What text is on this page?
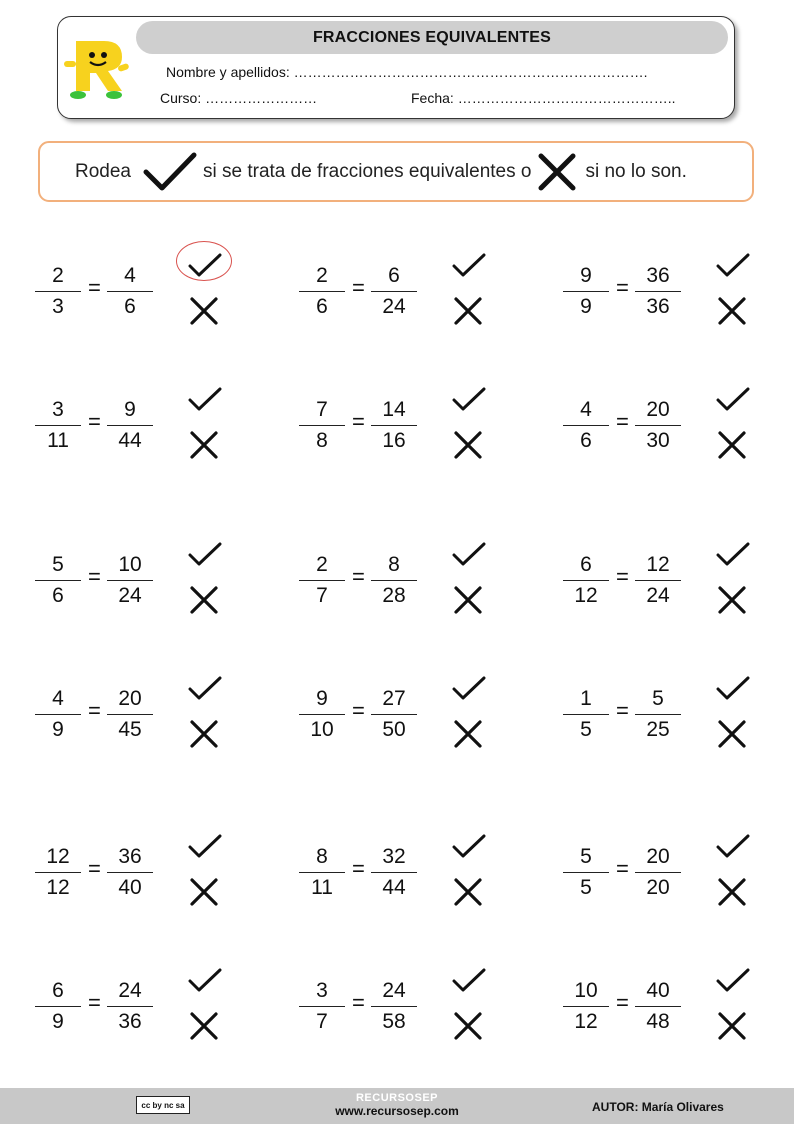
FRACCIONES EQUIVALENTES
Nombre y apellidos: ………………………………………………………………….
Curso: ……………………	Fecha: ………………………………………..
Rodea	si se trata de fracciones equivalentes o	si no lo son.
2
3
=	4
6
2
6
=	6
24
9
9
= 36
36
3
11
=	9
44
7
8
= 14
16
4
6
= 20
30
5
6
= 10
24
2
7
=	8
28
6
12
= 12
24
4
9
= 20
45
9
10
= 27
50
1
5
=	5
25
12
12
= 36
40
8
11
= 32
44
5
5
= 20
20
6
9
= 24
36
3
7
= 24
58
10
12
= 40
48
cc by nc sa
RECURSOSEP
www.recursosep.com	AUTOR: María Olivares
